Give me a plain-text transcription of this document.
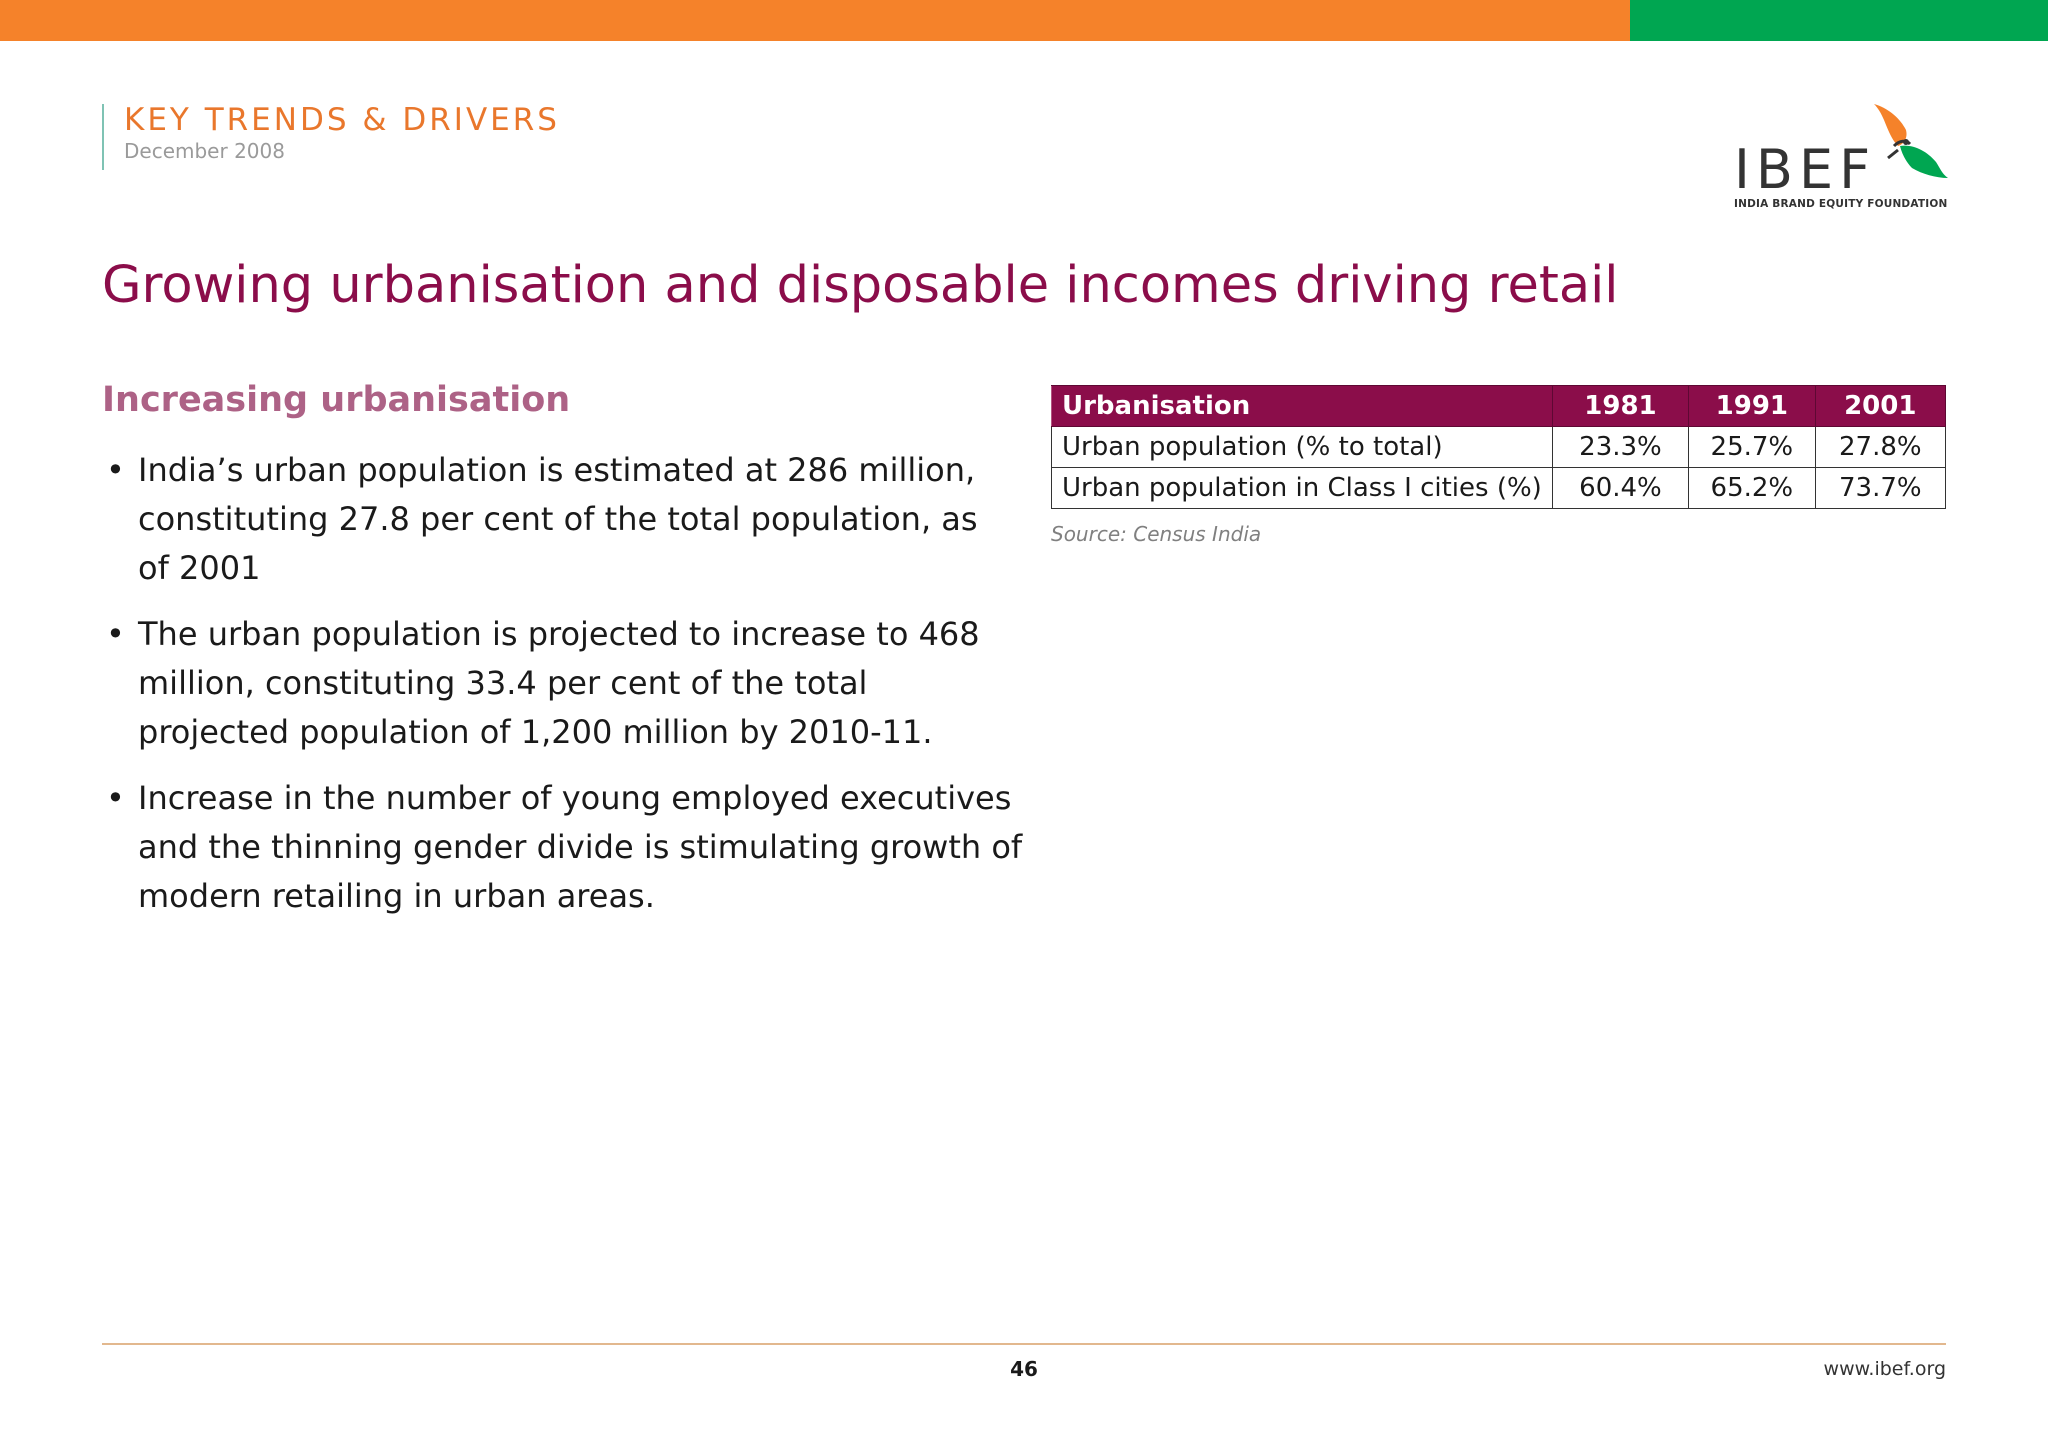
KEY TRENDS & DRIVERS
December 2008	IBEF
INDIA BRAND EQUITY FOUNDATION
Growing urbanisation and disposable incomes driving retail
Increasing urbanisation
• India’s urban population is estimated at 286 million, constituting 27.8 per cent of the total population, as of 2001
• The urban population is projected to increase to 468 million, constituting 33.4 per cent of the total projected population of 1,200 million by 2010-11.
• Increase in the number of young employed executives and the thinning gender divide is stimulating growth of modern retailing in urban areas.
Urbanisation	1981	1991	2001
Urban population (% to total)	23.3%	25.7%	27.8%
Urban population in Class I cities (%)	60.4%	65.2%	73.7%
Source: Census India
46	www.ibef.org
